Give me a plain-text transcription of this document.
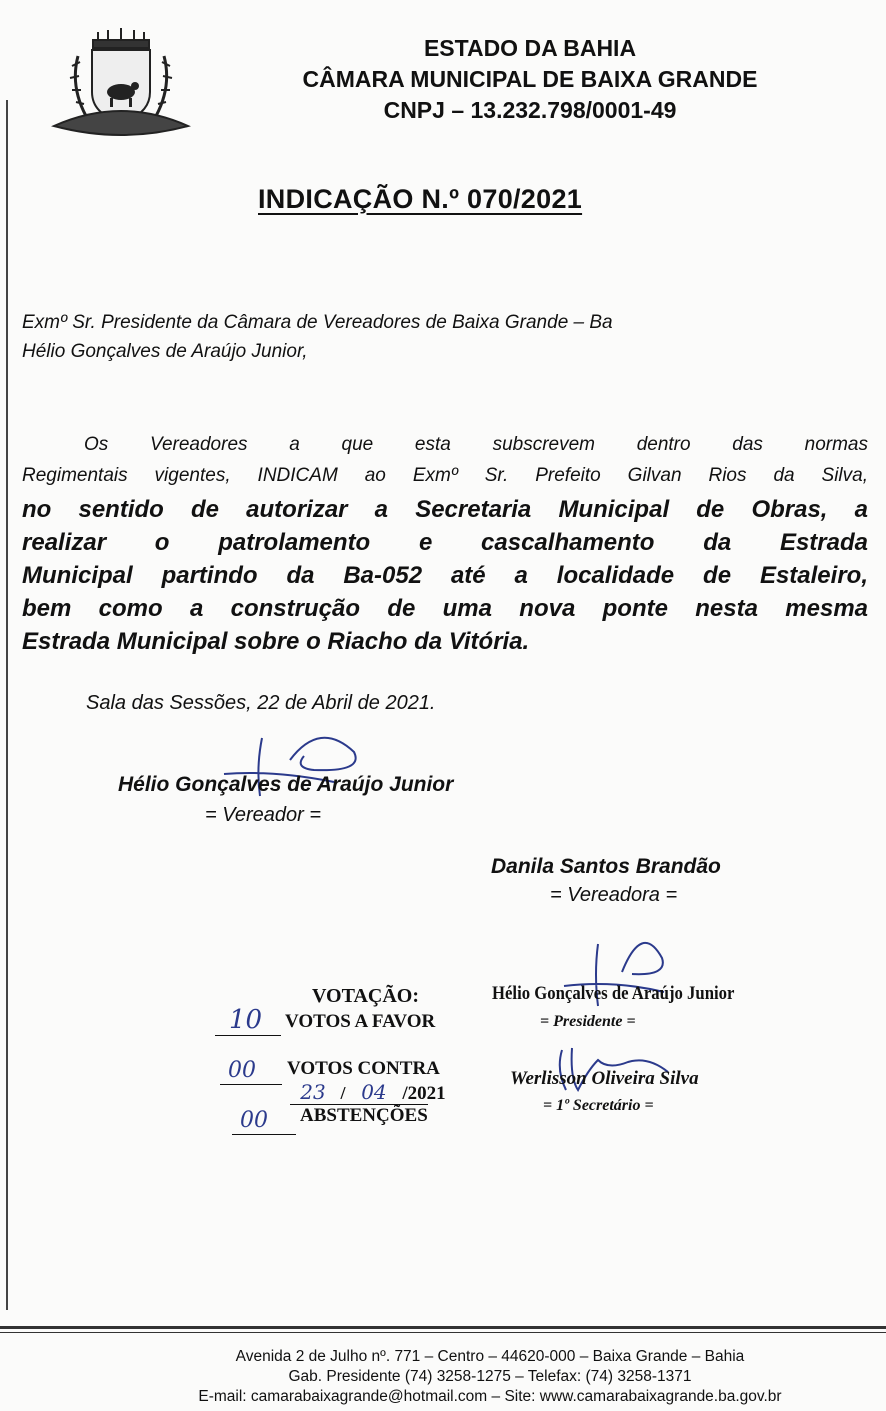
ESTADO DA BAHIA
CÂMARA MUNICIPAL DE BAIXA GRANDE
CNPJ – 13.232.798/0001-49
INDICAÇÃO N.º 070/2021
Exmº Sr. Presidente da Câmara de Vereadores de Baixa Grande – Ba
Hélio Gonçalves de Araújo Junior,
Os Vereadores a que esta subscrevem dentro das normas
Regimentais vigentes, INDICAM ao Exmº Sr. Prefeito Gilvan Rios da Silva,
no sentido de autorizar a Secretaria Municipal de Obras, a
realizar o patrolamento e cascalhamento da Estrada
Municipal partindo da Ba-052 até a localidade de Estaleiro,
bem como a construção de uma nova ponte nesta mesma
Estrada Municipal sobre o Riacho da Vitória.
Sala das Sessões, 22 de Abril de 2021.
Hélio Gonçalves de Araújo Junior
= Vereador =
Danila Santos Brandão
= Vereadora =
VOTAÇÃO:
10 VOTOS A FAVOR
00 VOTOS CONTRA
23 / 04 /2021
00 ABSTENÇÕES
Hélio Gonçalves de Araújo Junior
= Presidente =
Werlisson Oliveira Silva
= 1º Secretário =
Avenida 2 de Julho nº. 771 – Centro – 44620-000 – Baixa Grande – Bahia
Gab. Presidente (74) 3258-1275 – Telefax: (74) 3258-1371
E-mail: camarabaixagrande@hotmail.com – Site: www.camarabaixagrande.ba.gov.br
